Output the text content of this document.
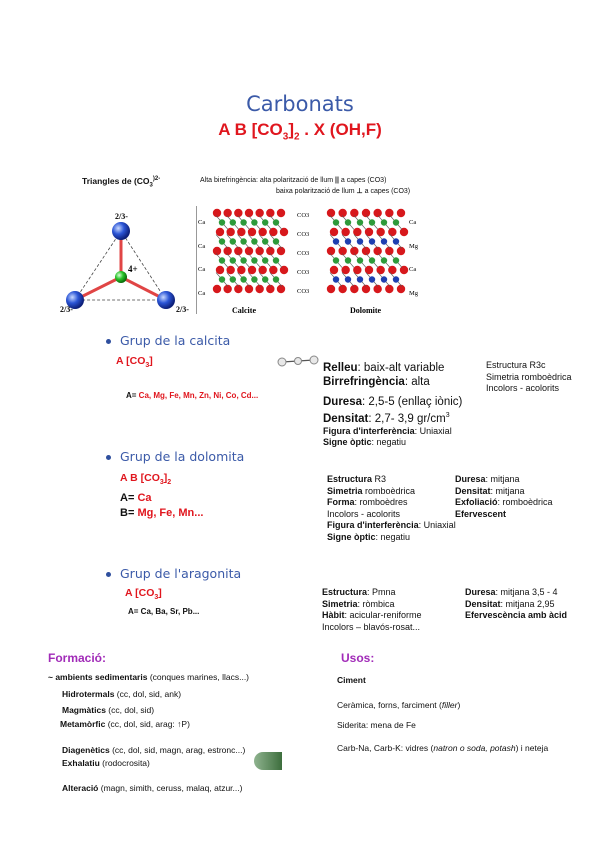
Carbonats
A B $[CO_3]_2$ . X (OH,F)
Triangles de ($CO_3^{)2-}$
2/3-
4+
2/3-	2/3-
Alta birefringència: alta polarització de llum || a capes (CO3)
baixa polarització de llum ⊥ a capes (CO3)
Ca
Ca
Ca
Ca
CO3
CO3
CO3
CO3
CO3
Ca
Mg
Ca
Mg
Calcite	Dolomite
Grup de la calcita
A $[CO_3]$
A= Ca, Mg, Fe, Mn, Zn, Ni, Co, Cd...
Relleu: baix-alt variable
Birrefringència: alta
Duresa: 2,5-5 (enllaç iònic)
Densitat: 2,7- 3,9 $gr/cm^3$
Figura d'interferència: Uniaxial
Signe òptic: negatiu
Estructura R3c
Simetria romboèdrica
Incolors - acolorits
Grup de la dolomita
A B $[CO_3]_2$
A= Ca
B= Mg, Fe, Mn...
Estructura R3
Simetria romboèdrica
Forma: romboèdres
Incolors - acolorits
Figura d'interferència: Uniaxial
Signe òptic: negatiu
Duresa: mitjana
Densitat: mitjana
Exfoliació: romboèdrica
Efervescent
Grup de l'aragonita
A $[CO_3]$
A= Ca, Ba, Sr, Pb...
Estructura: Pmna
Simetria: ròmbica
Hàbit: acicular-reniforme
Incolors – blavós-rosat...
Duresa: mitjana 3,5 - 4
Densitat: mitjana 2,95
Efervescència amb àcid
Formació:
~ ambients sedimentaris (conques marines, llacs...)
Hidrotermals (cc, dol, sid, ank)
Magmàtics (cc, dol, sid)
Metamòrfic (cc, dol, sid, arag: ↑P)
Diagenètics (cc, dol, sid, magn, arag, estronc...)
Exhalatiu (rodocrosita)
Alteració (magn, simith, ceruss, malaq, atzur...)
Usos:
Ciment
Ceràmica, forns, farciment (filler)
Siderita: mena de Fe
Carb-Na, Carb-K: vidres (natron o soda, potash) i neteja
